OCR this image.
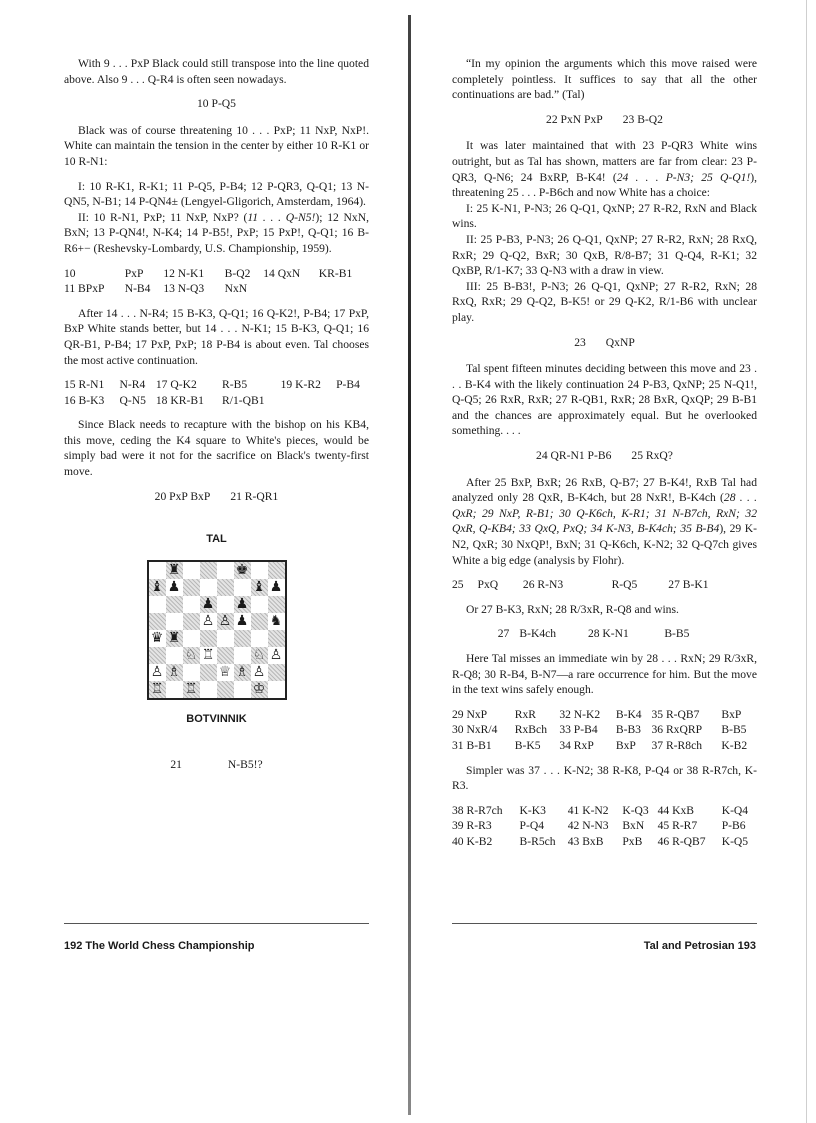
With 9 . . . PxP Black could still transpose into the line quoted above. Also 9 . . . Q-R4 is often seen nowadays.

10 P-Q5

Black was of course threatening 10 . . . PxP; 11 NxP, NxP!. White can maintain the tension in the center by either 10 R-K1 or 10 R-N1:

I: 10 R-K1, R-K1; 11 P-Q5, P-B4; 12 P-QR3, Q-Q1; 13 N-QN5, N-B1; 14 P-QN4± (Lengyel-Gligorich, Amsterdam, 1964).

II: 10 R-N1, PxP; 11 NxP, NxP? (11 . . . Q-N5!); 12 NxN, BxN; 13 P-QN4!, N-K4; 14 P-B5!, PxP; 15 PxP!, Q-Q1; 16 B-R6+− (Reshevsky-Lombardy, U.S. Championship, 1959).

10	PxP	12 N-K1	B-Q2	14 QxN	KR-B1
11 BPxP	N-B4	13 N-Q3	NxN		

After 14 . . . N-R4; 15 B-K3, Q-Q1; 16 Q-K2!, P-B4; 17 PxP, BxP White stands better, but 14 . . . N-K1; 15 B-K3, Q-Q1; 16 QR-B1, P-B4; 17 PxP, PxP; 18 P-B4 is about even. Tal chooses the most active continuation.

15 R-N1	N-R4	17 Q-K2	R-B5	19 K-R2	P-B4
16 B-K3	Q-N5	18 KR-B1	R/1-QB1		

Since Black needs to recapture with the bishop on his KB4, this move, ceding the K4 square to White's pieces, would be simply bad were it not for the sacrifice on Black's twenty-first move.

20 PxP BxP 21 R-QR1

TAL
♜	♚
♝ ♟	♝ ♟
♟ ♟
♙ ♙ ♟ ♞
♛ ♜
♘ ♖	♘ ♙
♙ ♗	♕ ♗ ♙
♖ ♖	♔
BOTVINNIK

21	N-B5!?

192 The World Chess Championship

“In my opinion the arguments which this move raised were completely pointless. It suffices to say that all the other continuations are bad.” (Tal)

22 PxN PxP 23 B-Q2

It was later maintained that with 23 P-QR3 White wins outright, but as Tal has shown, matters are far from clear: 23 P-QR3, Q-N6; 24 BxRP, B-K4! (24 . . . P-N3; 25 Q-Q1!), threatening 25 . . . P-B6ch and now White has a choice:

I: 25 K-N1, P-N3; 26 Q-Q1, QxNP; 27 R-R2, RxN and Black wins.

II: 25 P-B3, P-N3; 26 Q-Q1, QxNP; 27 R-R2, RxN; 28 RxQ, RxR; 29 Q-Q2, BxR; 30 QxB, R/8-B7; 31 Q-Q4, R-K1; 32 QxBP, R/1-K7; 33 Q-N3 with a draw in view.

III: 25 B-B3!, P-N3; 26 Q-Q1, QxNP; 27 R-R2, RxN; 28 RxQ, RxR; 29 Q-Q2, B-K5! or 29 Q-K2, R/1-B6 with unclear play.

23 QxNP

Tal spent fifteen minutes deciding between this move and 23 . . . B-K4 with the likely continuation 24 P-B3, QxNP; 25 N-Q1!, Q-Q5; 26 RxR, RxR; 27 R-QB1, RxR; 28 BxR, QxQP; 29 B-B1 and the chances are approximately equal. But he overlooked something. . . .

24 QR-N1 P-B6 25 RxQ?

After 25 BxP, BxR; 26 RxB, Q-B7; 27 B-K4!, RxB Tal had analyzed only 28 QxR, B-K4ch, but 28 NxR!, B-K4ch (28 . . . QxR; 29 NxP, R-B1; 30 Q-K6ch, K-R1; 31 N-B7ch, RxN; 32 QxR, Q-KB4; 33 QxQ, PxQ; 34 K-N3, B-K4ch; 35 B-B4), 29 K-N2, QxR; 30 NxQP!, BxN; 31 Q-K6ch, K-N2; 32 Q-Q7ch gives White a big edge (analysis by Flohr).

25	PxQ	26 R-N3	R-Q5	27 B-K1	

Or 27 B-K3, RxN; 28 R/3xR, R-Q8 and wins.

27	B-K4ch	28 K-N1	B-B5

Here Tal misses an immediate win by 28 . . . RxN; 29 R/3xR, R-Q8; 30 R-B4, B-N7—a rare occurrence for him. But the move in the text wins safely enough.

29 NxP	RxR	32 N-K2	B-K4	35 R-QB7	BxP
30 NxR/4	RxBch	33 P-B4	B-B3	36 RxQRP	B-B5
31 B-B1	B-K5	34 RxP	BxP	37 R-R8ch	K-B2

Simpler was 37 . . . K-N2; 38 R-K8, P-Q4 or 38 R-R7ch, K-R3.

38 R-R7ch	K-K3	41 K-N2	K-Q3	44 KxB	K-Q4
39 R-R3	P-Q4	42 N-N3	BxN	45 R-R7	P-B6
40 K-B2	B-R5ch	43 BxB	PxB	46 R-QB7	K-Q5
Tal and Petrosian 193
